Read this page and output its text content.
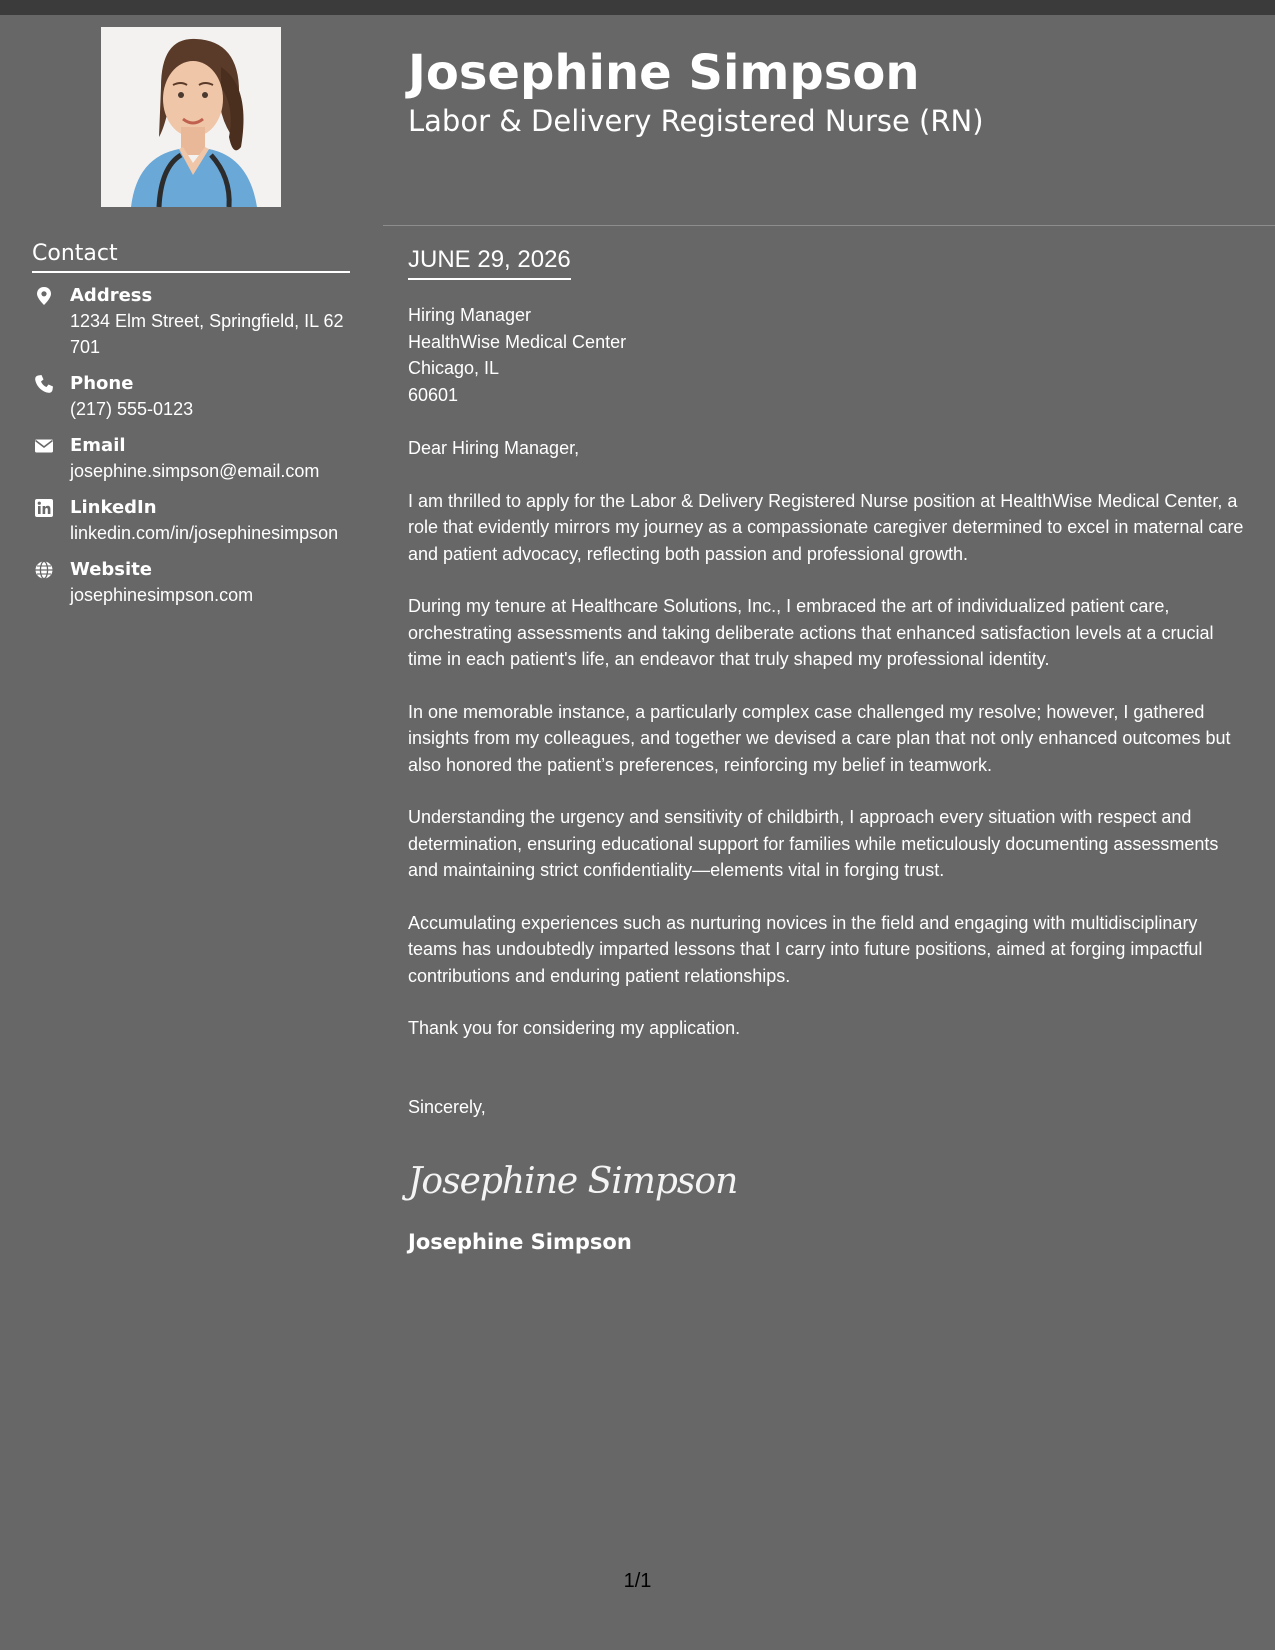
Josephine Simpson
Labor & Delivery Registered Nurse (RN)
Contact
Address
1234 Elm Street, Springfield, IL 62701
Phone
(217) 555-0123
Email
josephine.simpson@email.com
LinkedIn
linkedin.com/in/josephinesimpson
Website
josephinesimpson.com
JUNE 29, 2026
Hiring Manager
HealthWise Medical Center
Chicago, IL
60601

Dear Hiring Manager,

I am thrilled to apply for the Labor & Delivery Registered Nurse position at HealthWise Medical Center, a role that evidently mirrors my journey as a compassionate caregiver determined to excel in maternal care and patient advocacy, reflecting both passion and professional growth.

During my tenure at Healthcare Solutions, Inc., I embraced the art of individualized patient care, orchestrating assessments and taking deliberate actions that enhanced satisfaction levels at a crucial time in each patient's life, an endeavor that truly shaped my professional identity.

In one memorable instance, a particularly complex case challenged my resolve; however, I gathered insights from my colleagues, and together we devised a care plan that not only enhanced outcomes but also honored the patient’s preferences, reinforcing my belief in teamwork.

Understanding the urgency and sensitivity of childbirth, I approach every situation with respect and determination, ensuring educational support for families while meticulously documenting assessments and maintaining strict confidentiality—elements vital in forging trust.

Accumulating experiences such as nurturing novices in the field and engaging with multidisciplinary teams has undoubtedly imparted lessons that I carry into future positions, aimed at forging impactful contributions and enduring patient relationships.

Thank you for considering my application.

Sincerely,

Josephine Simpson
Josephine Simpson
1/1
